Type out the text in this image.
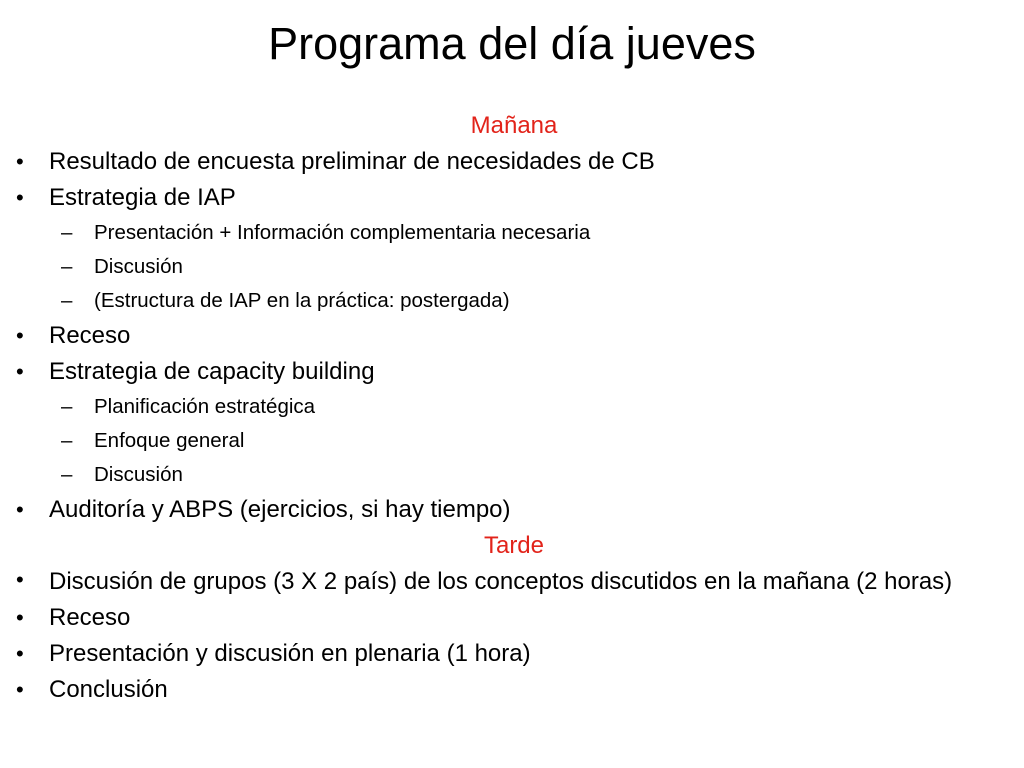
Programa del día jueves
Mañana
• Resultado de encuesta preliminar de necesidades de CB
• Estrategia de IAP
– Presentación + Información complementaria necesaria
– Discusión
– (Estructura de IAP en la práctica: postergada)
• Receso
• Estrategia de capacity building
– Planificación estratégica
– Enfoque general
– Discusión
• Auditoría y ABPS (ejercicios, si hay tiempo)
Tarde
• Discusión de grupos (3 X 2 país) de los conceptos discutidos en la mañana (2 horas)
• Receso
• Presentación y discusión en plenaria (1 hora)
• Conclusión
